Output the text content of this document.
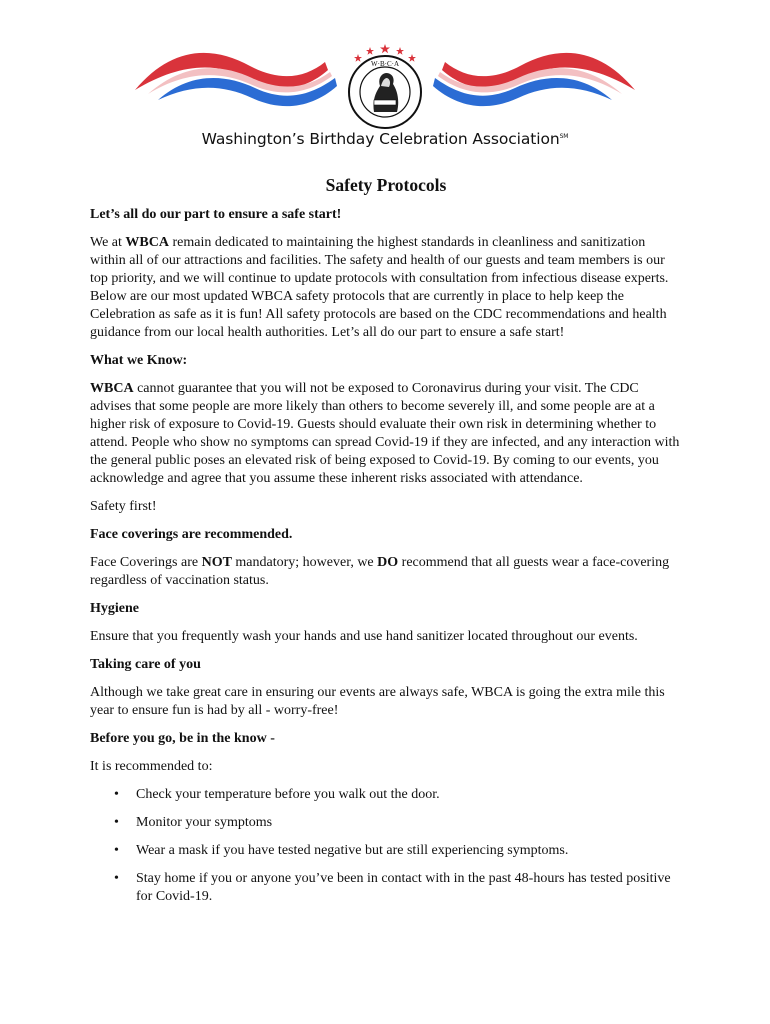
W·B·C·A
Washington’s Birthday Celebration Association℠
Safety Protocols

Let’s all do our part to ensure a safe start!

We at WBCA remain dedicated to maintaining the highest standards in cleanliness and sanitization within all of our attractions and facilities. The safety and health of our guests and team members is our top priority, and we will continue to update protocols with consultation from infectious disease experts. Below are our most updated WBCA safety protocols that are currently in place to help keep the Celebration as safe as it is fun! All safety protocols are based on the CDC recommendations and health guidance from our local health authorities. Let’s all do our part to ensure a safe start!

What we Know:

WBCA cannot guarantee that you will not be exposed to Coronavirus during your visit. The CDC advises that some people are more likely than others to become severely ill, and some people are at a higher risk of exposure to Covid-19. Guests should evaluate their own risk in determining whether to attend. People who show no symptoms can spread Covid-19 if they are infected, and any interaction with the general public poses an elevated risk of being exposed to Covid-19. By coming to our events, you acknowledge and agree that you assume these inherent risks associated with attendance.

Safety first!

Face coverings are recommended.

Face Coverings are NOT mandatory; however, we DO recommend that all guests wear a face-covering regardless of vaccination status.

Hygiene

Ensure that you frequently wash your hands and use hand sanitizer located throughout our events.

Taking care of you

Although we take great care in ensuring our events are always safe, WBCA is going the extra mile this year to ensure fun is had by all - worry-free!

Before you go, be in the know -

It is recommended to:

• Check your temperature before you walk out the door.
• Monitor your symptoms
• Wear a mask if you have tested negative but are still experiencing symptoms.
• Stay home if you or anyone you’ve been in contact with in the past 48-hours has tested positive for Covid-19.
